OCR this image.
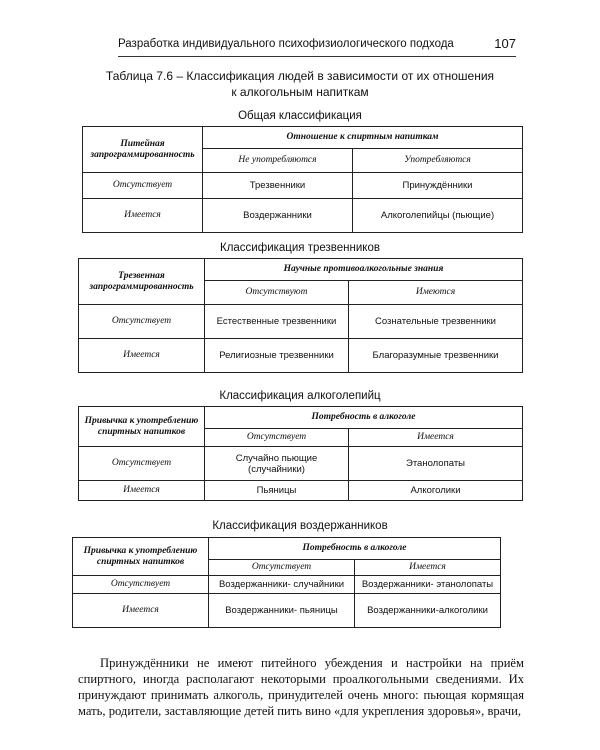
Разработка индивидуального психофизиологического подхода	107
Таблица 7.6 – Классификация людей в зависимости от их отношения
к алкогольным напиткам
Общая классификация
Питейная запрограммированность	Отношение к спиртным напиткам	
	Не употребляются	Употребляются
Отсутствует	Трезвенники	Принуждённики
Имеется	Воздержанники	Алкоголепийцы (пьющие)
Классификация трезвенников
Трезвенная запрограммированность	Научные противоалкогольные знания	
	Отсутствуют	Имеются
Отсутствует	Естественные трезвенники	Сознательные трезвенники
Имеется	Религиозные трезвенники	Благоразумные трезвенники
Классификация алкоголепийц
Привычка к употреблению спиртных напитков	Потребность в алкоголе	
	Отсутствует	Имеется
Отсутствует	Случайно пьющие (случайники)	Этанолопаты
Имеется	Пьяницы	Алкоголики
Классификация воздержанников
Привычка к употреблению спиртных напитков	Потребность в алкоголе	
	Отсутствует	Имеется
Отсутствует	Воздержанники- случайники	Воздержанники- этанолопаты
Имеется	Воздержанники- пьяницы	Воздержанники-алкоголики

Принуждённики не имеют питейного убеждения и настройки на приём спиртного, иногда располагают некоторыми проалкогольными сведениями. Их принуждают принимать алкоголь, принудителей очень много: пьющая кормящая мать, родители, заставляющие детей пить вино «для укрепления здоровья», врачи,
